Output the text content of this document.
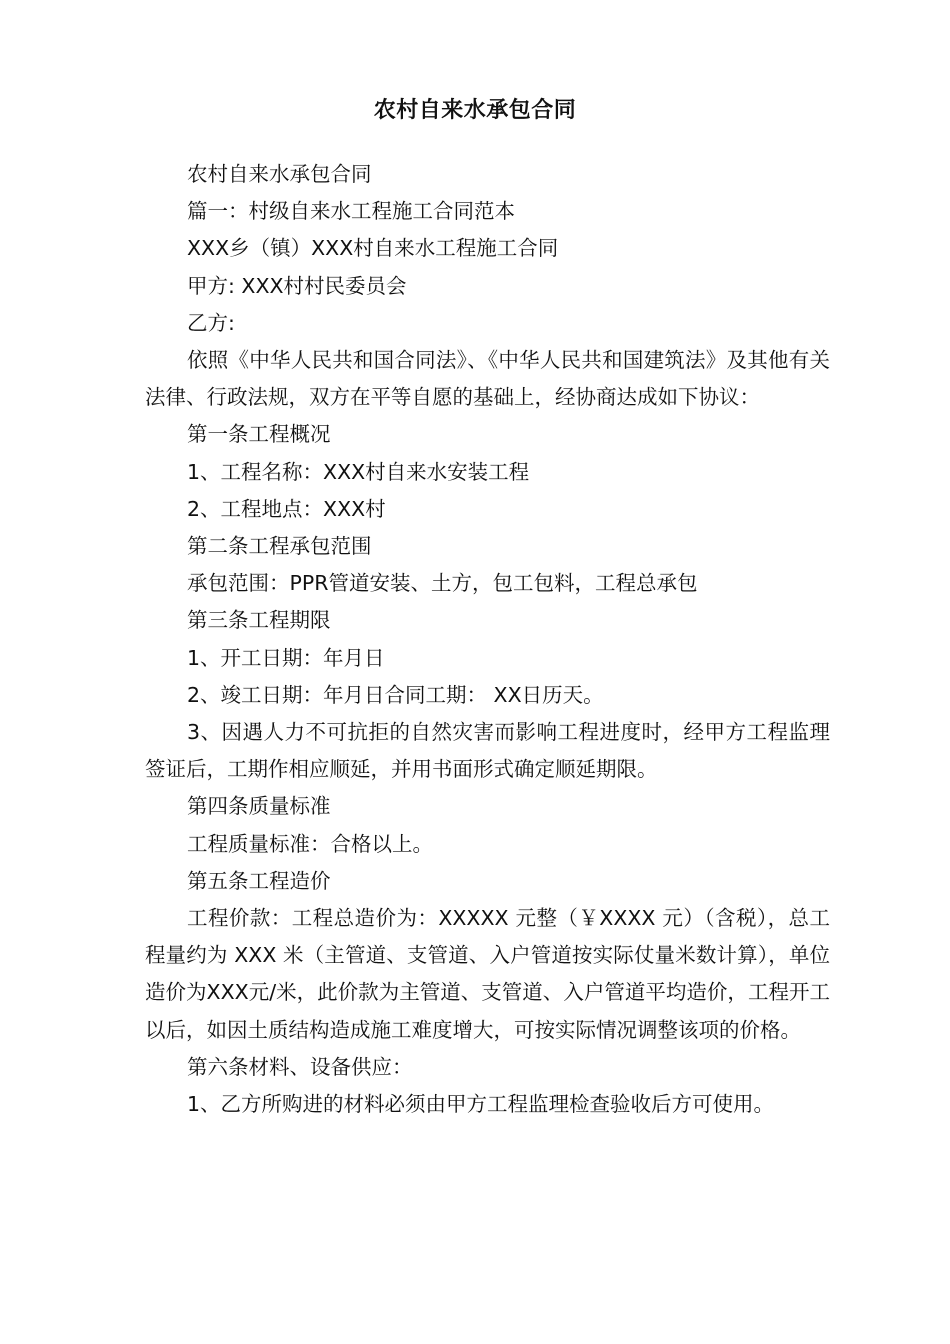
农村自来水承包合同

农村自来水承包合同

篇一：村级自来水工程施工合同范本

XXX乡（镇）XXX村自来水工程施工合同

甲方: XXX村村民委员会

乙方:

依照《中华人民共和国合同法》、《中华人民共和国建筑法》及其他有关法律、行政法规，双方在平等自愿的基础上，经协商达成如下协议：

第一条工程概况

1、工程名称：XXX村自来水安装工程

2、工程地点：XXX村

第二条工程承包范围

承包范围：PPR管道安装、土方，包工包料，工程总承包

第三条工程期限

1、开工日期：年月日

2、竣工日期：年月日合同工期： XX日历天。

3、因遇人力不可抗拒的自然灾害而影响工程进度时，经甲方工程监理签证后，工期作相应顺延，并用书面形式确定顺延期限。

第四条质量标准

工程质量标准：合格以上。

第五条工程造价

工程价款：工程总造价为：XXXXX 元整（￥XXXX 元）（含税），总工程量约为 XXX 米（主管道、支管道、入户管道按实际仗量米数计算），单位造价为XXX元/米，此价款为主管道、支管道、入户管道平均造价，工程开工以后，如因土质结构造成施工难度增大，可按实际情况调整该项的价格。

第六条材料、设备供应：

1、乙方所购进的材料必须由甲方工程监理检查验收后方可使用。
